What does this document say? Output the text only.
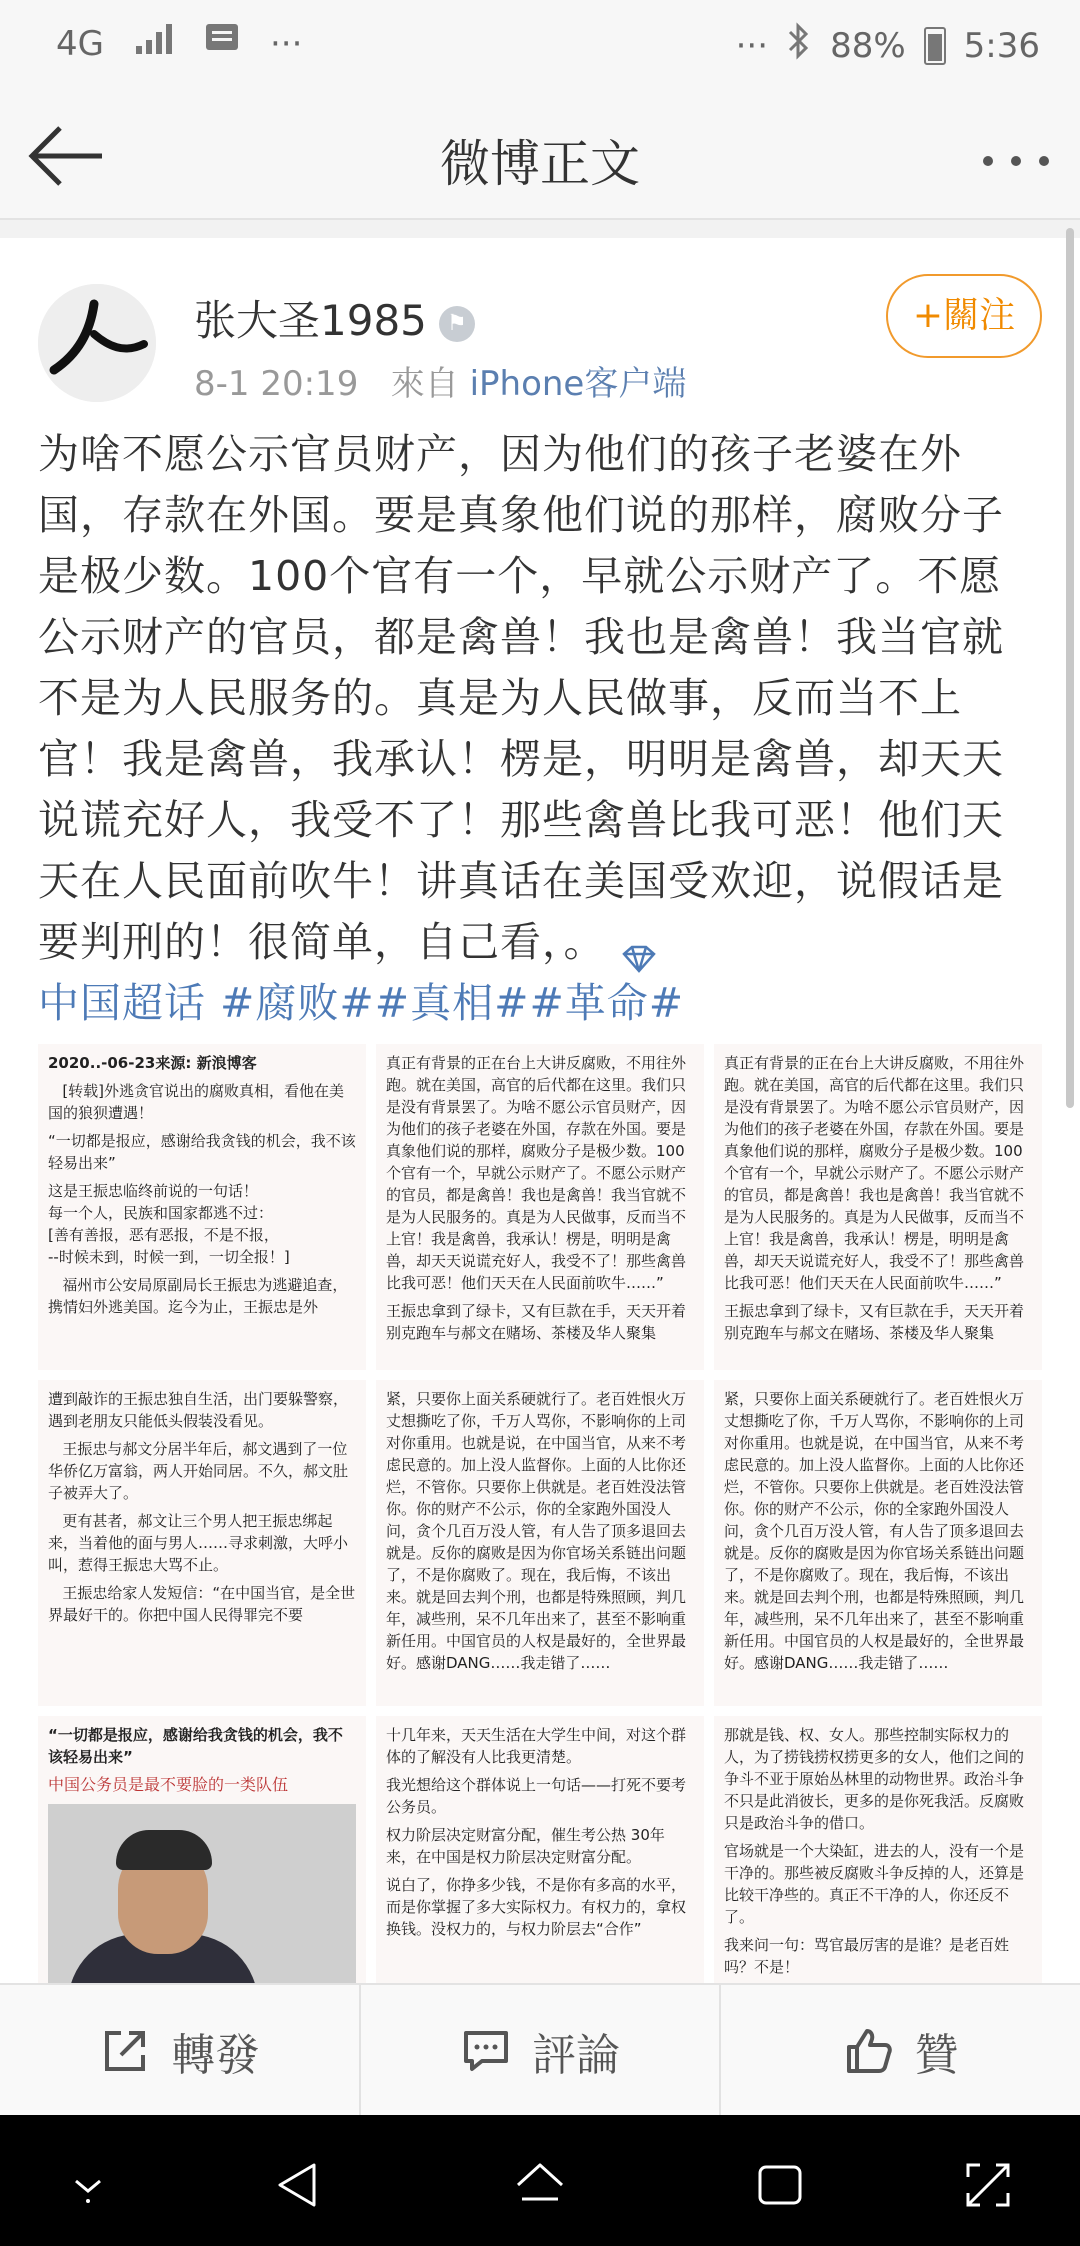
4G	···	··· 88% 5:36
微博正文
张大圣1985 ⚑
8-1 20:19 來自 iPhone客户端
+關注
为啥不愿公示官员财产，因为他们的孩子老婆在外国，存款在外国。要是真象他们说的那样，腐败分子是极少数。100个官有一个，早就公示财产了。不愿公示财产的官员，都是禽兽！我也是禽兽！我当官就不是为人民服务的。真是为人民做事，反而当不上官！我是禽兽，我承认！楞是，明明是禽兽，却天天说谎充好人，我受不了！那些禽兽比我可恶！他们天天在人民面前吹牛！讲真话在美国受欢迎，说假话是要判刑的！很简单，自己看，。
中国超话 #腐败##真相##革命#

2020..-06-23来源: 新浪博客

[转载]外逃贪官说出的腐败真相，看他在美国的狼狈遭遇！

“一切都是报应，感谢给我贪钱的机会，我不该轻易出来”

这是王振忠临终前说的一句话！
每一个人，民族和国家都逃不过：
[善有善报，恶有恶报，不是不报，
--时候未到，时候一到，一切全报！]

福州市公安局原副局长王振忠为逃避追查，携情妇外逃美国。迄今为止，王振忠是外

真正有背景的正在台上大讲反腐败，不用往外跑。就在美国，高官的后代都在这里。我们只是没有背景罢了。为啥不愿公示官员财产，因为他们的孩子老婆在外国，存款在外国。要是真象他们说的那样，腐败分子是极少数。100个官有一个，早就公示财产了。不愿公示财产的官员，都是禽兽！我也是禽兽！我当官就不是为人民服务的。真是为人民做事，反而当不上官！我是禽兽，我承认！楞是，明明是禽兽，却天天说谎充好人，我受不了！那些禽兽比我可恶！他们天天在人民面前吹牛……”

王振忠拿到了绿卡，又有巨款在手，天天开着别克跑车与郝文在赌场、茶楼及华人聚集

真正有背景的正在台上大讲反腐败，不用往外跑。就在美国，高官的后代都在这里。我们只是没有背景罢了。为啥不愿公示官员财产，因为他们的孩子老婆在外国，存款在外国。要是真象他们说的那样，腐败分子是极少数。100个官有一个，早就公示财产了。不愿公示财产的官员，都是禽兽！我也是禽兽！我当官就不是为人民服务的。真是为人民做事，反而当不上官！我是禽兽，我承认！楞是，明明是禽兽，却天天说谎充好人，我受不了！那些禽兽比我可恶！他们天天在人民面前吹牛……”

王振忠拿到了绿卡，又有巨款在手，天天开着别克跑车与郝文在赌场、茶楼及华人聚集

遭到敲诈的王振忠独自生活，出门要躲警察，遇到老朋友只能低头假装没看见。

王振忠与郝文分居半年后，郝文遇到了一位华侨亿万富翁，两人开始同居。不久，郝文肚子被弄大了。

更有甚者，郝文让三个男人把王振忠绑起来，当着他的面与男人……寻求刺激，大呼小叫，惹得王振忠大骂不止。

王振忠给家人发短信：“在中国当官，是全世界最好干的。你把中国人民得罪完不要

紧，只要你上面关系硬就行了。老百姓恨火万丈想撕吃了你，千万人骂你，不影响你的上司对你重用。也就是说，在中国当官，从来不考虑民意的。加上没人监督你。上面的人比你还烂，不管你。只要你上供就是。老百姓没法管你。你的财产不公示，你的全家跑外国没人问，贪个几百万没人管，有人告了顶多退回去就是。反你的腐败是因为你官场关系链出问题了，不是你腐败了。现在，我后悔，不该出来。就是回去判个刑，也都是特殊照顾，判几年，减些刑，呆不几年出来了，甚至不影响重新任用。中国官员的人权是最好的，全世界最好。感谢DANG……我走错了……

紧，只要你上面关系硬就行了。老百姓恨火万丈想撕吃了你，千万人骂你，不影响你的上司对你重用。也就是说，在中国当官，从来不考虑民意的。加上没人监督你。上面的人比你还烂，不管你。只要你上供就是。老百姓没法管你。你的财产不公示，你的全家跑外国没人问，贪个几百万没人管，有人告了顶多退回去就是。反你的腐败是因为你官场关系链出问题了，不是你腐败了。现在，我后悔，不该出来。就是回去判个刑，也都是特殊照顾，判几年，减些刑，呆不几年出来了，甚至不影响重新任用。中国官员的人权是最好的，全世界最好。感谢DANG……我走错了……

“一切都是报应，感谢给我贪钱的机会，我不该轻易出来”

中国公务员是最不要脸的一类队伍

十几年来，天天生活在大学生中间，对这个群体的了解没有人比我更清楚。

我光想给这个群体说上一句话——打死不要考公务员。

权力阶层决定财富分配，催生考公热 30年来，在中国是权力阶层决定财富分配。

说白了，你挣多少钱，不是你有多高的水平，而是你掌握了多大实际权力。有权力的，拿权换钱。没权力的，与权力阶层去“合作”

那就是钱、权、女人。那些控制实际权力的人，为了捞钱捞权捞更多的女人，他们之间的争斗不亚于原始丛林里的动物世界。政治斗争不只是此消彼长，更多的是你死我活。反腐败只是政治斗争的借口。

官场就是一个大染缸，进去的人，没有一个是干净的。那些被反腐败斗争反掉的人，还算是比较干净些的。真正不干净的人，你还反不了。

我来问一句：骂官最厉害的是谁？是老百姓吗？不是！

轉發	評論	贊
